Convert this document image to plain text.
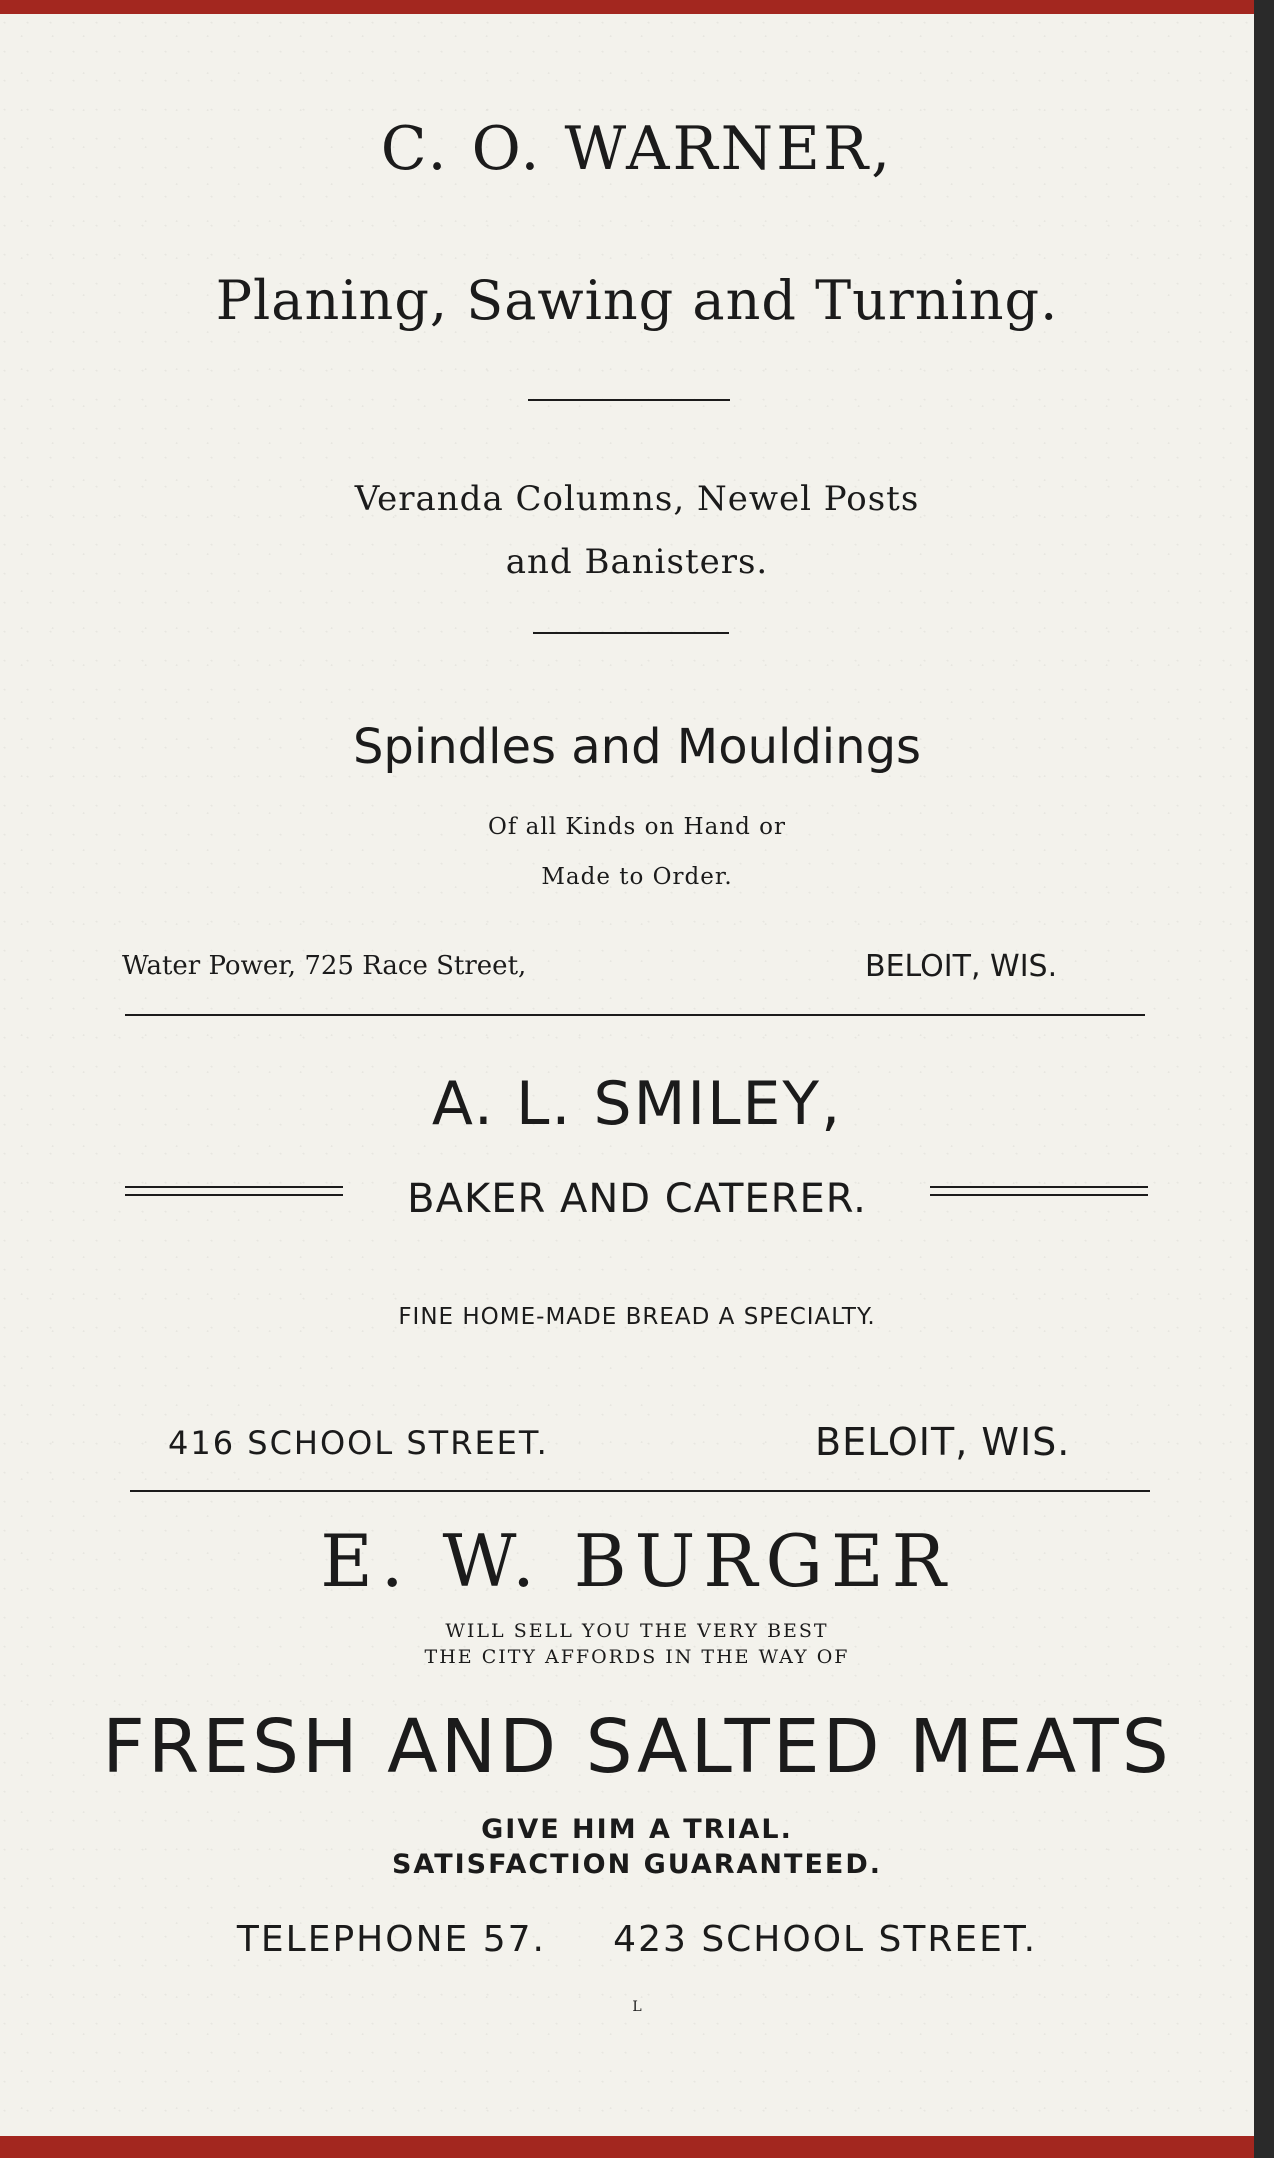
C. O. WARNER,
Planing, Sawing and Turning.
Veranda Columns, Newel Posts
and Banisters.
Spindles and Mouldings
Of all Kinds on Hand or
Made to Order.
Water Power, 725 Race Street,	BELOIT, WIS.
A. L. SMILEY,
BAKER AND CATERER.
FINE HOME-MADE BREAD A SPECIALTY.
416 SCHOOL STREET.	BELOIT, WIS.
E. W. BURGER
WILL SELL YOU THE VERY BEST
THE CITY AFFORDS IN THE WAY OF
FRESH AND SALTED MEATS
GIVE HIM A TRIAL.
SATISFACTION GUARANTEED.
TELEPHONE 57.     423 SCHOOL STREET.
L
